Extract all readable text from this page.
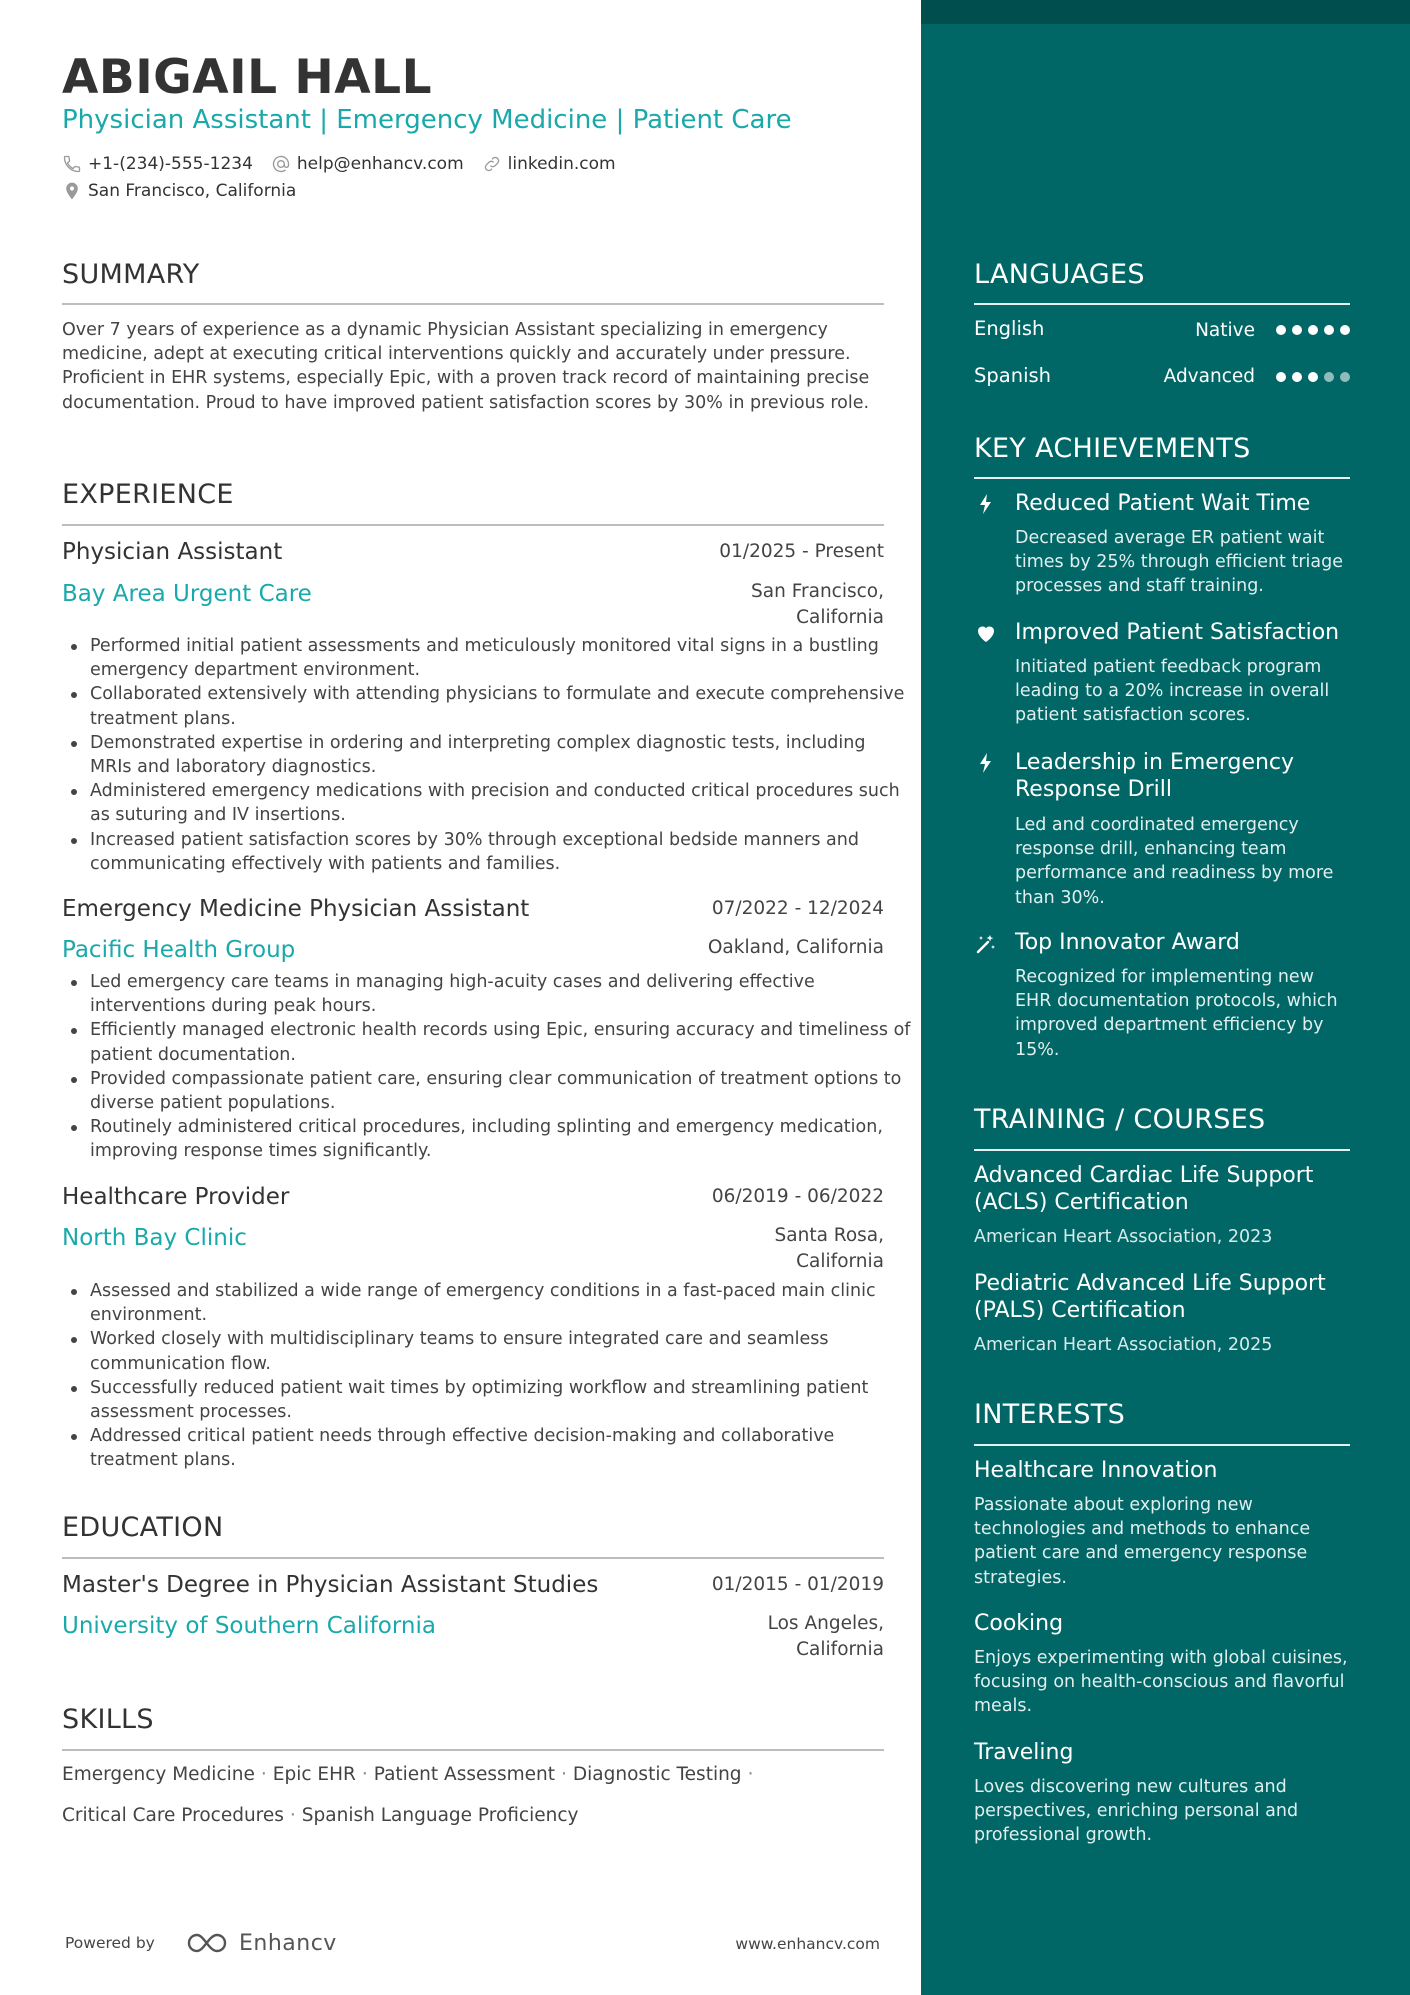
ABIGAIL HALL
Physician Assistant | Emergency Medicine | Patient Care
+1-(234)-555-1234	help@enhancv.com	linkedin.com
San Francisco, California
SUMMARY
Over 7 years of experience as a dynamic Physician Assistant specializing in emergency medicine, adept at executing critical interventions quickly and accurately under pressure. Proficient in EHR systems, especially Epic, with a proven track record of maintaining precise documentation. Proud to have improved patient satisfaction scores by 30% in previous role.
EXPERIENCE
Physician Assistant	01/2025 - Present
Bay Area Urgent Care	San Francisco, California
Performed initial patient assessments and meticulously monitored vital signs in a bustling emergency department environment.
Collaborated extensively with attending physicians to formulate and execute comprehensive treatment plans.
Demonstrated expertise in ordering and interpreting complex diagnostic tests, including MRIs and laboratory diagnostics.
Administered emergency medications with precision and conducted critical procedures such as suturing and IV insertions.
Increased patient satisfaction scores by 30% through exceptional bedside manners and communicating effectively with patients and families.
Emergency Medicine Physician Assistant	07/2022 - 12/2024
Pacific Health Group	Oakland, California
Led emergency care teams in managing high-acuity cases and delivering effective interventions during peak hours.
Efficiently managed electronic health records using Epic, ensuring accuracy and timeliness of patient documentation.
Provided compassionate patient care, ensuring clear communication of treatment options to diverse patient populations.
Routinely administered critical procedures, including splinting and emergency medication, improving response times significantly.
Healthcare Provider	06/2019 - 06/2022
North Bay Clinic	Santa Rosa, California
Assessed and stabilized a wide range of emergency conditions in a fast-paced main clinic environment.
Worked closely with multidisciplinary teams to ensure integrated care and seamless communication flow.
Successfully reduced patient wait times by optimizing workflow and streamlining patient assessment processes.
Addressed critical patient needs through effective decision-making and collaborative treatment plans.
EDUCATION
Master's Degree in Physician Assistant Studies	01/2015 - 01/2019
University of Southern California	Los Angeles, California
SKILLS
Emergency Medicine · Epic EHR · Patient Assessment · Diagnostic Testing ·
Critical Care Procedures · Spanish Language Proficiency
Powered by	Enhancv	www.enhancv.com
LANGUAGES
English	Native
Spanish	Advanced
KEY ACHIEVEMENTS
Reduced Patient Wait Time
Decreased average ER patient wait times by 25% through efficient triage processes and staff training.
Improved Patient Satisfaction
Initiated patient feedback program leading to a 20% increase in overall patient satisfaction scores.
Leadership in Emergency Response Drill
Led and coordinated emergency response drill, enhancing team performance and readiness by more than 30%.
Top Innovator Award
Recognized for implementing new EHR documentation protocols, which improved department efficiency by 15%.
TRAINING / COURSES
Advanced Cardiac Life Support (ACLS) Certification
American Heart Association, 2023
Pediatric Advanced Life Support (PALS) Certification
American Heart Association, 2025
INTERESTS
Healthcare Innovation
Passionate about exploring new technologies and methods to enhance patient care and emergency response strategies.
Cooking
Enjoys experimenting with global cuisines, focusing on health-conscious and flavorful meals.
Traveling
Loves discovering new cultures and perspectives, enriching personal and professional growth.
